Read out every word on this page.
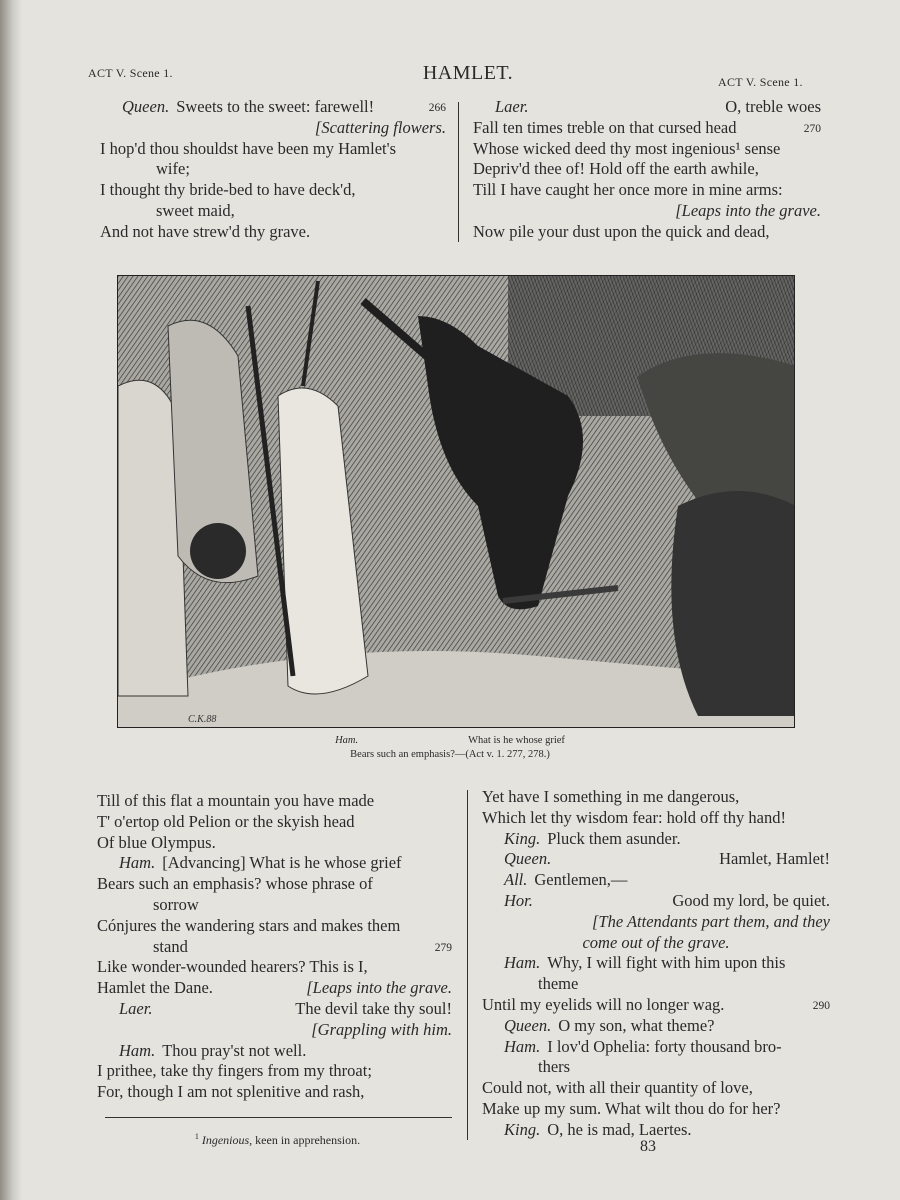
ACT V. Scene 1.	HAMLET.	ACT V. Scene 1.
Queen. Sweets to the sweet: farewell!	266
[Scattering flowers.
I hop'd thou shouldst have been my Hamlet's
wife;
I thought thy bride-bed to have deck'd,
sweet maid,
And not have strew'd thy grave.
Laer.	O, treble woes
Fall ten times treble on that cursed head	270
Whose wicked deed thy most ingenious¹ sense
Depriv'd thee of! Hold off the earth awhile,
Till I have caught her once more in mine arms:
[Leaps into the grave.
Now pile your dust upon the quick and dead,
C.K.88
Ham.	What is he whose grief
Bears such an emphasis?—(Act v. 1. 277, 278.)
Till of this flat a mountain you have made
T' o'ertop old Pelion or the skyish head
Of blue Olympus.
Ham. [Advancing] What is he whose grief
Bears such an emphasis? whose phrase of
sorrow
Cónjures the wandering stars and makes them
stand	279
Like wonder-wounded hearers? This is I,
Hamlet the Dane.	[Leaps into the grave.
Laer.	The devil take thy soul!
[Grappling with him.
Ham. Thou pray'st not well.
I prithee, take thy fingers from my throat;
For, though I am not splenitive and rash,
Yet have I something in me dangerous,
Which let thy wisdom fear: hold off thy hand!
King. Pluck them asunder.
Queen.	Hamlet, Hamlet!
All. Gentlemen,—
Hor.	Good my lord, be quiet.
[The Attendants part them, and they
come out of the grave.
Ham. Why, I will fight with him upon this
theme
Until my eyelids will no longer wag.	290
Queen. O my son, what theme?
Ham. I lov'd Ophelia: forty thousand bro-
thers
Could not, with all their quantity of love,
Make up my sum. What wilt thou do for her?
King. O, he is mad, Laertes.
$^1$ Ingenious, keen in apprehension.	83
